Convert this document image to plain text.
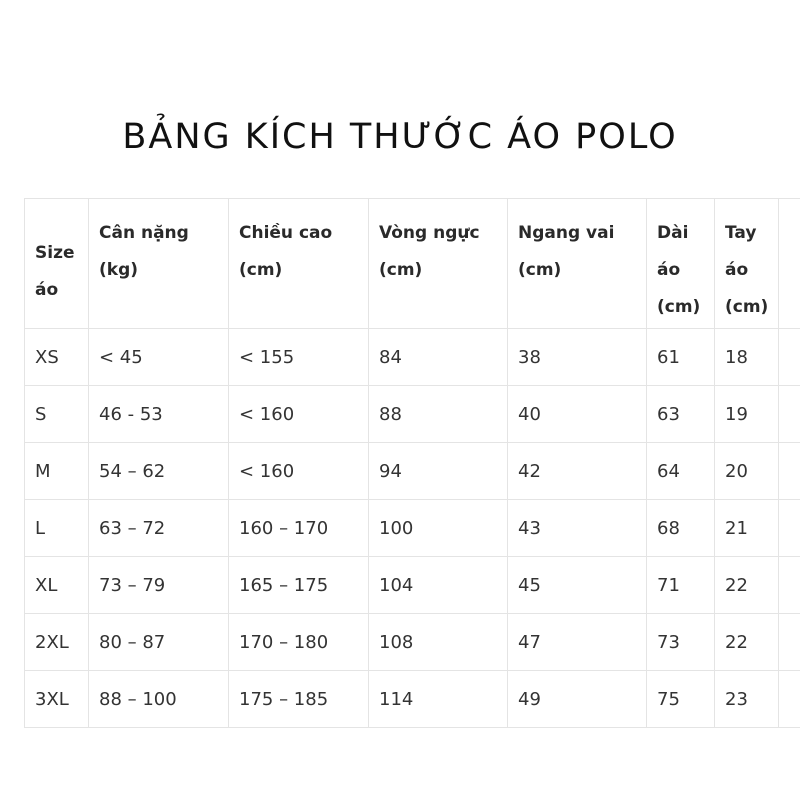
BẢNG KÍCH THƯỚC ÁO POLO
Size áo	Cân nặng (kg)	Chiều cao (cm)	Vòng ngực (cm)	Ngang vai (cm)	Dài áo (cm)	Tay áo (cm)	
XS	< 45	< 155	84	38	61	18	
S	46 - 53	< 160	88	40	63	19	
M	54 – 62	< 160	94	42	64	20	
L	63 – 72	160 – 170	100	43	68	21	
XL	73 – 79	165 – 175	104	45	71	22	
2XL	80 – 87	170 – 180	108	47	73	22	
3XL	88 – 100	175 – 185	114	49	75	23	
